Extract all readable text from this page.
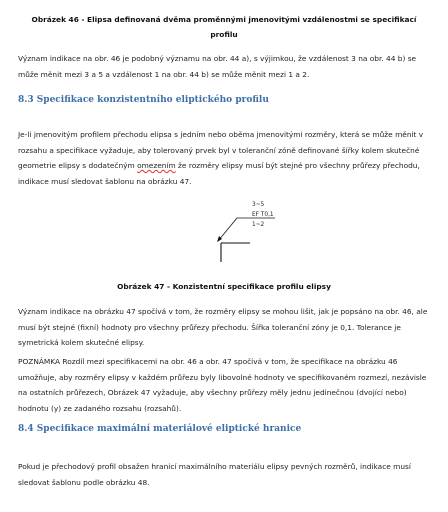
Obrázek 46 - Elipsa definovaná dvěma proměnnými jmenovitými vzdálenostmi se specifikací profilu

Význam indikace na obr. 46 je podobný významu na obr. 44 a), s výjimkou, že vzdálenost 3 na obr. 44 b) se může měnit mezi 3 a 5 a vzdálenost 1 na obr. 44 b) se může měnit mezi 1 a 2.

8.3 Specifikace konzistentního eliptického profilu

Je-li jmenovitým profilem přechodu elipsa s jedním nebo oběma jmenovitými rozměry, která se může měnit v rozsahu a specifikace vyžaduje, aby tolerovaný prvek byl v toleranční zóně definované šířky kolem skutečné geometrie elipsy s dodatečným omezením že rozměry elipsy musí být stejné pro všechny průřezy přechodu, indikace musí sledovat šablonu na obrázku 47.

3~5
EF T0,1
1~2
Obrázek 47 - Konzistentní specifikace profilu elipsy

Význam indikace na obrázku 47 spočívá v tom, že rozměry elipsy se mohou lišit, jak je popsáno na obr. 46, ale musí být stejné (fixní) hodnoty pro všechny průřezy přechodu. Šířka toleranční zóny je 0,1. Tolerance je symetrická kolem skutečné elipsy.

POZNÁMKA Rozdíl mezi specifikacemi na obr. 46 a obr. 47 spočívá v tom, že specifikace na obrázku 46 umožňuje, aby rozměry elipsy v každém průřezu byly libovolné hodnoty ve specifikovaném rozmezí, nezávisle na ostatních průřezech, Obrázek 47 vyžaduje, aby všechny průřezy měly jednu jedinečnou (dvojící nebo) hodnotu (y) ze zadaného rozsahu (rozsahů).

8.4 Specifikace maximální materiálové eliptické hranice

Pokud je přechodový profil obsažen hranicí maximálního materiálu elipsy pevných rozměrů, indikace musí sledovat šablonu podle obrázku 48.
